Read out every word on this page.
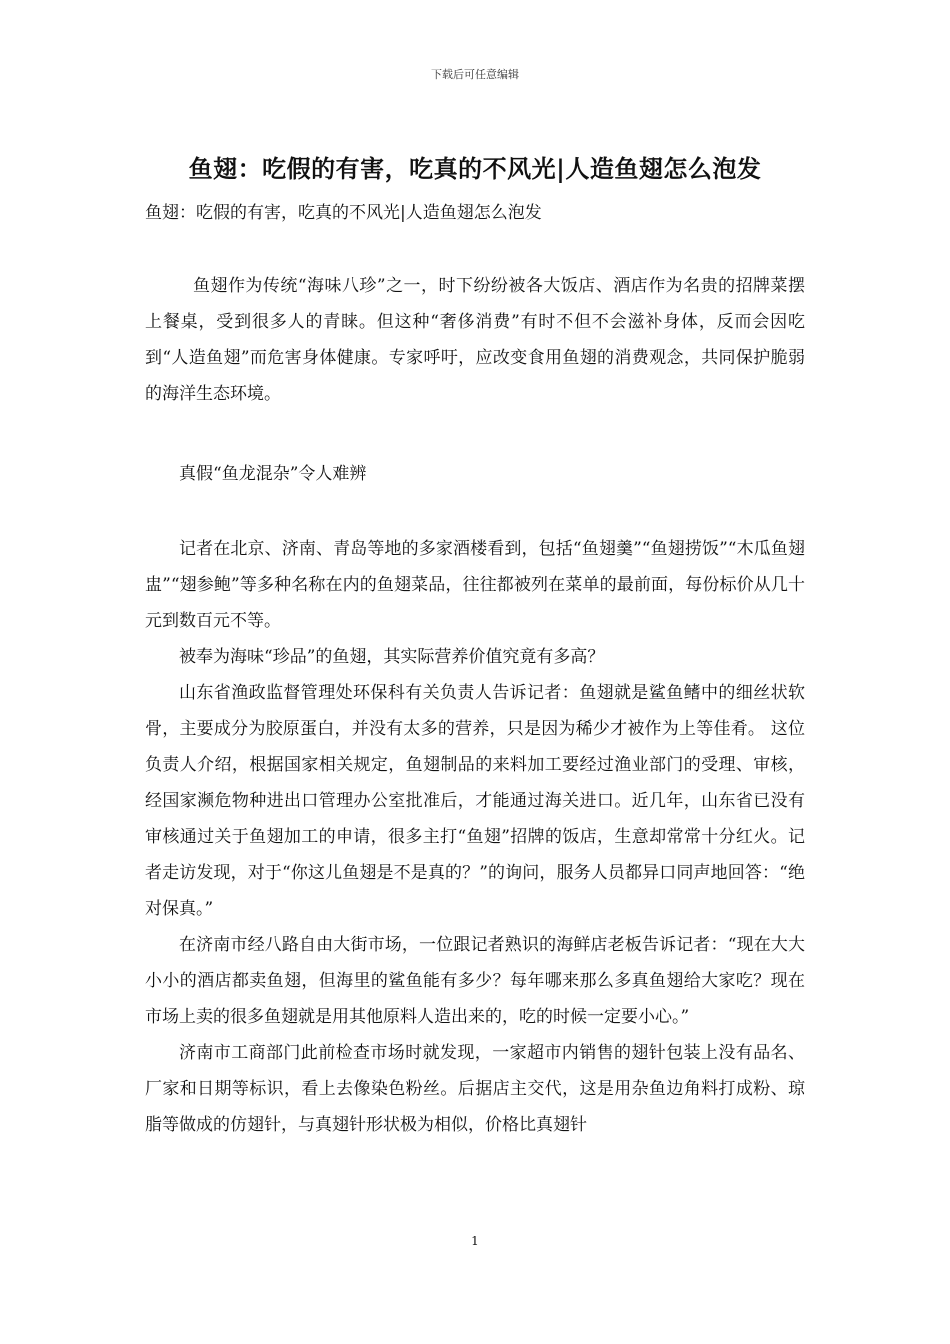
下载后可任意编辑
鱼翅：吃假的有害，吃真的不风光|人造鱼翅怎么泡发
鱼翅：吃假的有害，吃真的不风光|人造鱼翅怎么泡发

鱼翅作为传统“海味八珍”之一，时下纷纷被各大饭店、酒店作为名贵的招牌菜摆上餐桌，受到很多人的青睐。但这种“奢侈消费”有时不但不会滋补身体，反而会因吃到“人造鱼翅”而危害身体健康。专家呼吁，应改变食用鱼翅的消费观念，共同保护脆弱的海洋生态环境。

真假“鱼龙混杂”令人难辨

记者在北京、济南、青岛等地的多家酒楼看到，包括“鱼翅羹”“鱼翅捞饭”“木瓜鱼翅盅”“翅参鲍”等多种名称在内的鱼翅菜品，往往都被列在菜单的最前面，每份标价从几十元到数百元不等。

被奉为海味“珍品”的鱼翅，其实际营养价值究竟有多高？

山东省渔政监督管理处环保科有关负责人告诉记者：鱼翅就是鲨鱼鳍中的细丝状软骨，主要成分为胶原蛋白，并没有太多的营养，只是因为稀少才被作为上等佳肴。 这位负责人介绍，根据国家相关规定，鱼翅制品的来料加工要经过渔业部门的受理、审核，经国家濒危物种进出口管理办公室批准后，才能通过海关进口。近几年，山东省已没有审核通过关于鱼翅加工的申请，很多主打“鱼翅”招牌的饭店，生意却常常十分红火。记者走访发现，对于“你这儿鱼翅是不是真的？”的询问，服务人员都异口同声地回答：“绝对保真。”

在济南市经八路自由大街市场，一位跟记者熟识的海鲜店老板告诉记者：“现在大大小小的酒店都卖鱼翅，但海里的鲨鱼能有多少？每年哪来那么多真鱼翅给大家吃？现在市场上卖的很多鱼翅就是用其他原料人造出来的，吃的时候一定要小心。”

济南市工商部门此前检查市场时就发现，一家超市内销售的翅针包装上没有品名、厂家和日期等标识，看上去像染色粉丝。后据店主交代，这是用杂鱼边角料打成粉、琼脂等做成的仿翅针，与真翅针形状极为相似，价格比真翅针

1
